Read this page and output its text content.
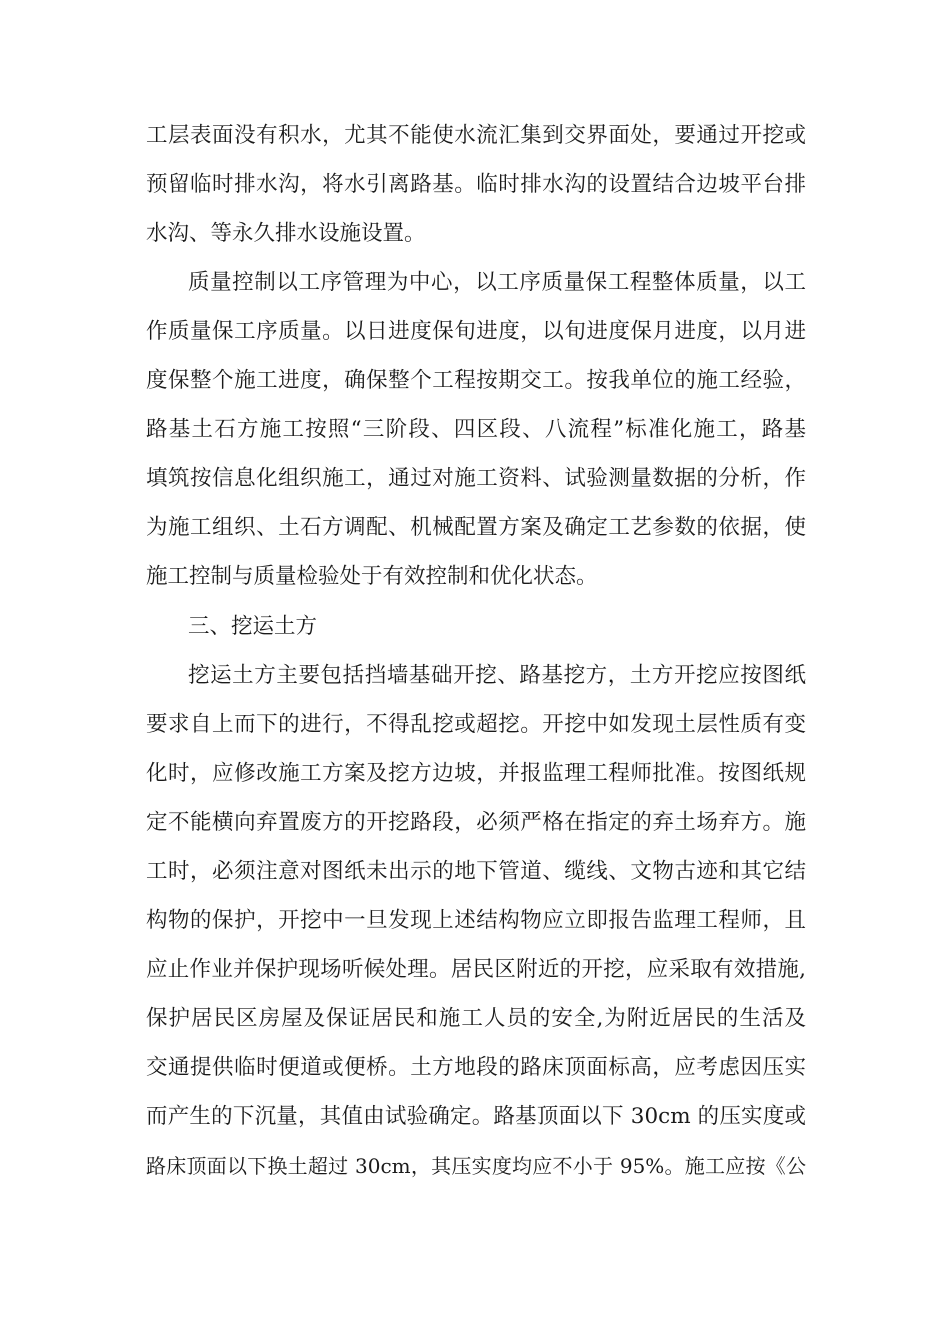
工层表面没有积水，尤其不能使水流汇集到交界面处，要通过开挖或
预留临时排水沟，将水引离路基。临时排水沟的设置结合边坡平台排
水沟、等永久排水设施设置。
质量控制以工序管理为中心，以工序质量保工程整体质量，以工
作质量保工序质量。以日进度保旬进度，以旬进度保月进度，以月进
度保整个施工进度，确保整个工程按期交工。按我单位的施工经验，
路基土石方施工按照“三阶段、四区段、八流程”标准化施工，路基
填筑按信息化组织施工，通过对施工资料、试验测量数据的分析，作
为施工组织、土石方调配、机械配置方案及确定工艺参数的依据，使
施工控制与质量检验处于有效控制和优化状态。
三、挖运土方
挖运土方主要包括挡墙基础开挖、路基挖方，土方开挖应按图纸
要求自上而下的进行，不得乱挖或超挖。开挖中如发现土层性质有变
化时，应修改施工方案及挖方边坡，并报监理工程师批准。按图纸规
定不能横向弃置废方的开挖路段，必须严格在指定的弃土场弃方。施
工时，必须注意对图纸未出示的地下管道、缆线、文物古迹和其它结
构物的保护，开挖中一旦发现上述结构物应立即报告监理工程师，且
应止作业并保护现场听候处理。居民区附近的开挖，应采取有效措施,
保护居民区房屋及保证居民和施工人员的安全,为附近居民的生活及
交通提供临时便道或便桥。土方地段的路床顶面标高，应考虑因压实
而产生的下沉量，其值由试验确定。路基顶面以下 30cm 的压实度或
路床顶面以下换土超过 30cm，其压实度均应不小于 95%。施工应按《公
